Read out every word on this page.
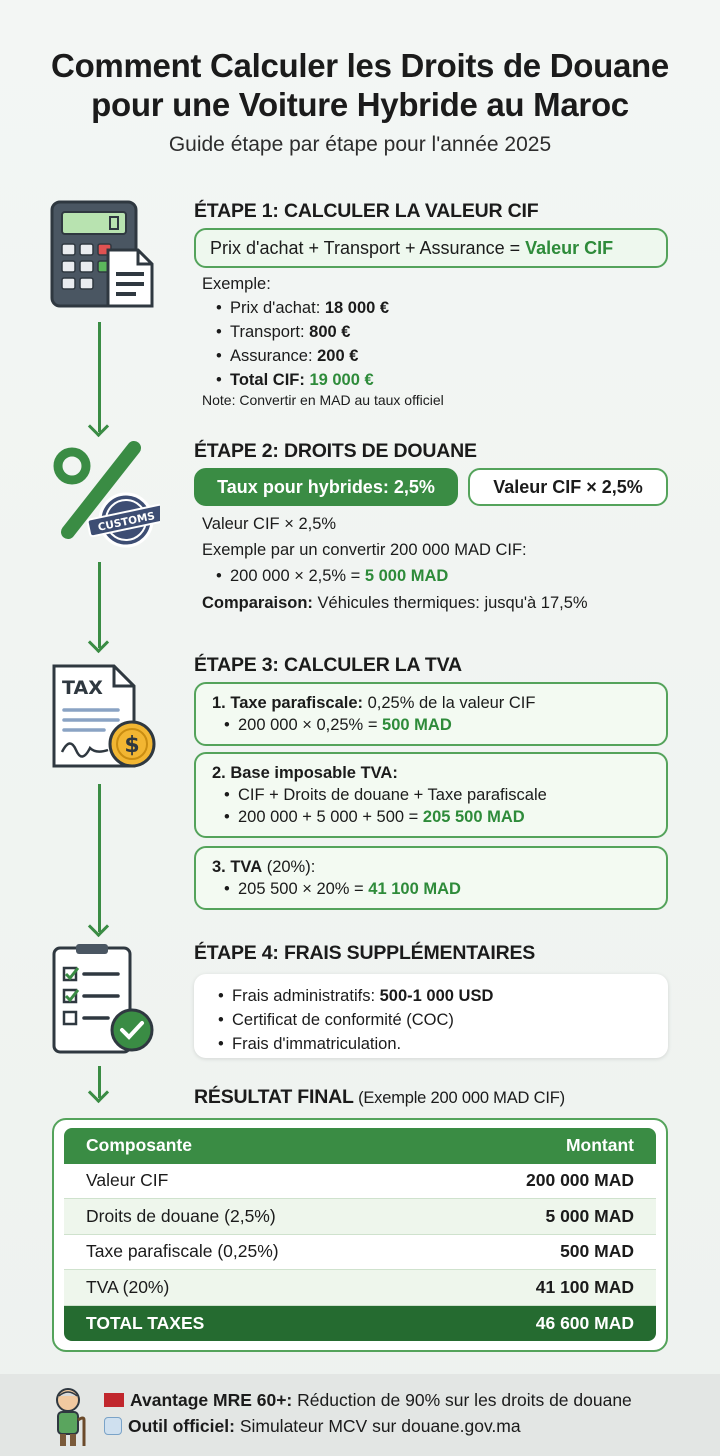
Comment Calculer les Droits de Douane
pour une Voiture Hybride au Maroc
Guide étape par étape pour l'année 2025
ÉTAPE 1: CALCULER LA VALEUR CIF
Prix d'achat + Transport + Assurance = Valeur CIF
Exemple:
• Prix d'achat: 18 000 €
• Transport: 800 €
• Assurance: 200 €
• Total CIF: 19 000 €
Note: Convertir en MAD au taux officiel
CUSTOMS
ÉTAPE 2: DROITS DE DOUANE
Taux pour hybrides: 2,5%	Valeur CIF × 2,5%
Valeur CIF × 2,5%
Exemple par un convertir 200 000 MAD CIF:
• 200 000 × 2,5% = 5 000 MAD
Comparaison: Véhicules thermiques: jusqu'à 17,5%
TAX
$
ÉTAPE 3: CALCULER LA TVA
1. Taxe parafiscale: 0,25% de la valeur CIF
• 200 000 × 0,25% = 500 MAD
2. Base imposable TVA:
• CIF + Droits de douane + Taxe parafiscale
• 200 000 + 5 000 + 500 = 205 500 MAD
3. TVA (20%):
• 205 500 × 20% = 41 100 MAD
ÉTAPE 4: FRAIS SUPPLÉMENTAIRES
• Frais administratifs: 500-1 000 USD
• Certificat de conformité (COC)
• Frais d'immatriculation.
RÉSULTAT FINAL (Exemple 200 000 MAD CIF)
Composante	Montant
Valeur CIF	200 000 MAD
Droits de douane (2,5%)	5 000 MAD
Taxe parafiscale (0,25%)	500 MAD
TVA (20%)	41 100 MAD
TOTAL TAXES	46 600 MAD
Avantage MRE 60+: Réduction de 90% sur les droits de douane
Outil officiel: Simulateur MCV sur douane.gov.ma
